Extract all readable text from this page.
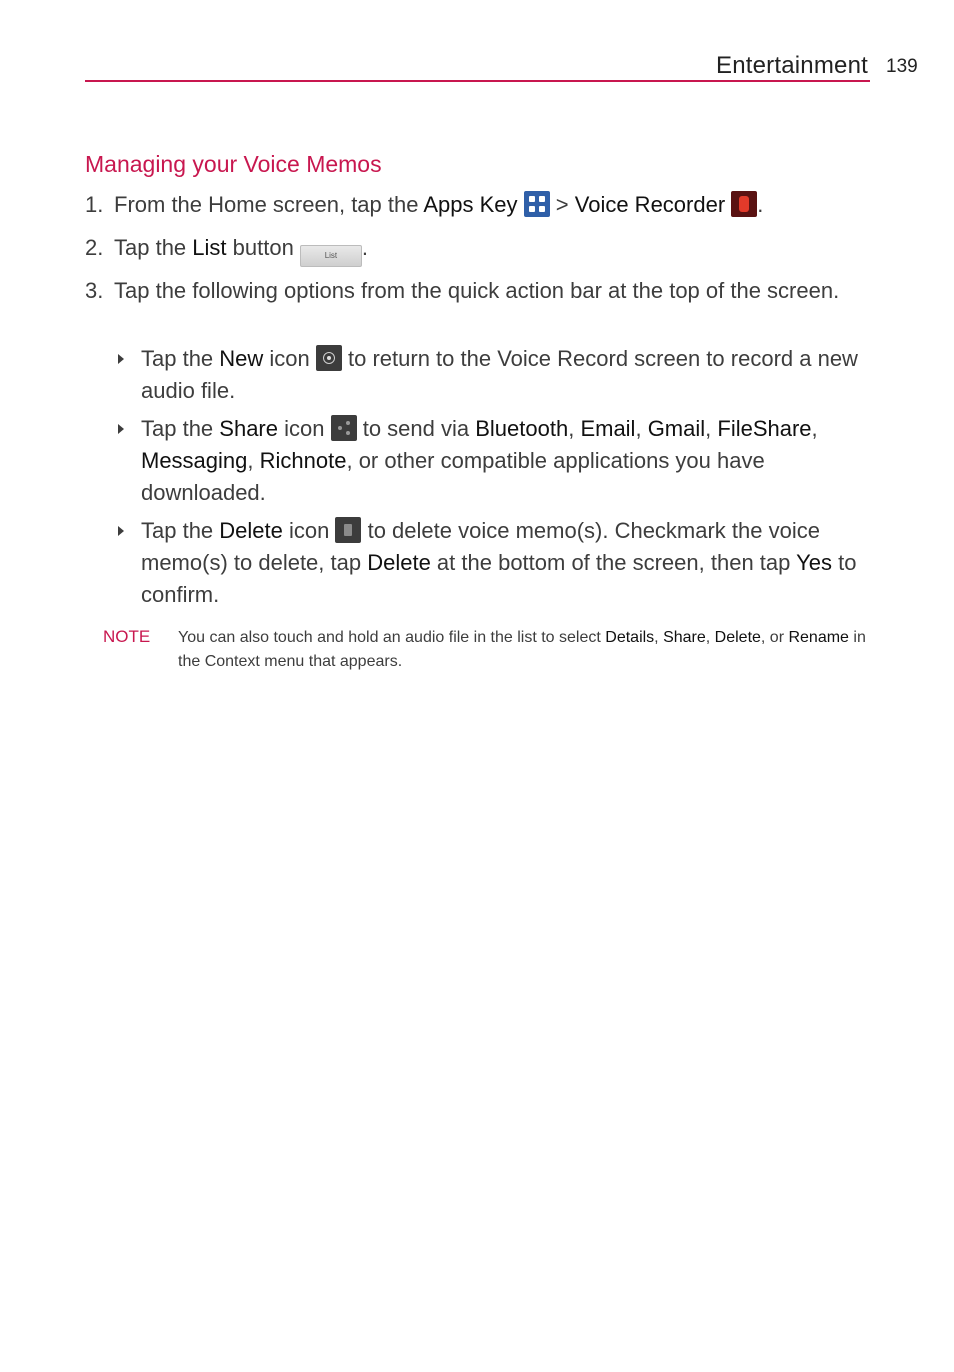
Entertainment 139
Managing your Voice Memos
1. From the Home screen, tap the Apps Key
> Voice Recorder .
2. Tap the List button	List .
3. Tap the following options from the quick action bar at the top of the screen.
Tap the New icon
to return to the Voice Record screen to record a new audio file.
Tap the Share icon
to send via Bluetooth, Email, Gmail, FileShare, Messaging, Richnote, or other compatible applications you have downloaded.
Tap the Delete icon
to delete voice memo(s). Checkmark the voice memo(s) to delete, tap Delete at the bottom of the screen, then tap Yes to confirm.
NOTE You can also touch and hold an audio file in the list to select Details, Share, Delete, or Rename in the Context menu that appears.
